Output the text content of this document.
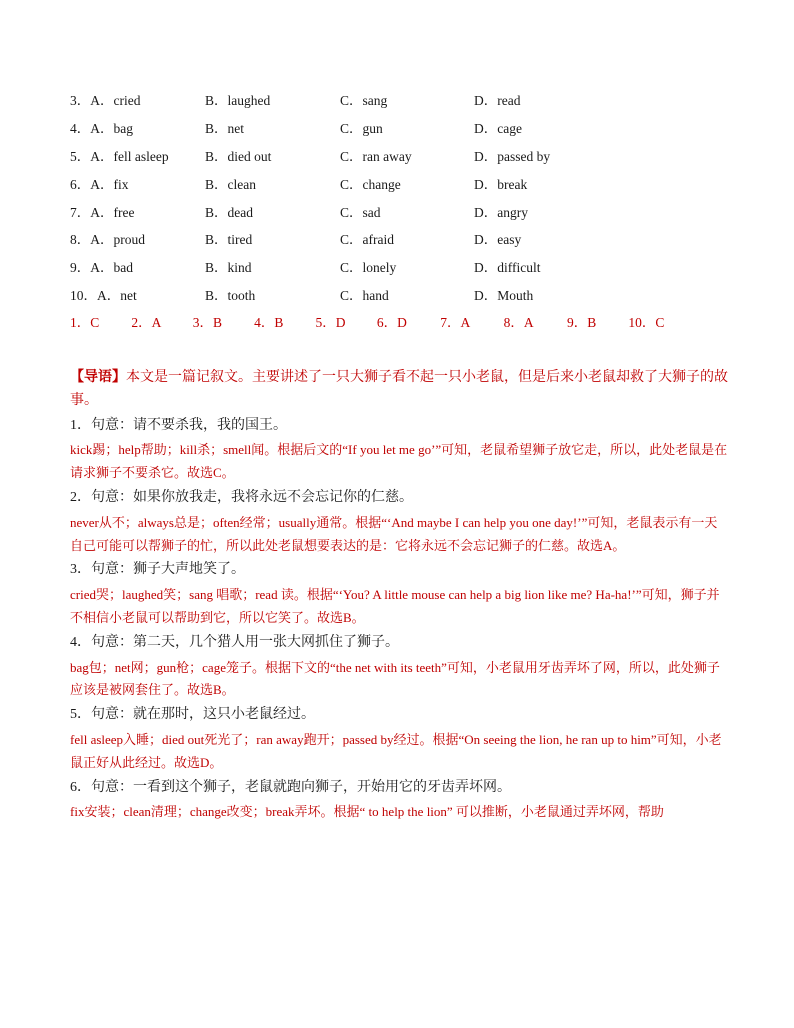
3．A．cried	B．laughed	C．sang	D．read
4．A．bag	B．net	C．gun	D．cage
5．A．fell asleep	B．died out	C．ran away	D．passed by
6．A．fix	B．clean	C．change	D．break
7．A．free	B．dead	C．sad	D．angry
8．A．proud	B．tired	C．afraid	D．easy
9．A．bad	B．kind	C．lonely	D．difficult
10．A．net	B．tooth	C．hand	D．Mouth
1．C 2．A 3．B 4．B 5．D 6．D 7．A 8．A 9．B 10．C

【导语】本文是一篇记叙文。主要讲述了一只大狮子看不起一只小老鼠，但是后来小老鼠却救了大狮子的故事。

1．句意：请不要杀我，我的国王。

kick踢；help帮助；kill杀；smell闻。根据后文的“If you let me go’”可知，老鼠希望狮子放它走，所以，此处老鼠是在请求狮子不要杀它。故选C。

2．句意：如果你放我走，我将永远不会忘记你的仁慈。

never从不；always总是；often经常；usually通常。根据“‘And maybe I can help you one day!’”可知，老鼠表示有一天自己可能可以帮狮子的忙，所以此处老鼠想要表达的是：它将永远不会忘记狮子的仁慈。故选A。

3．句意：狮子大声地笑了。

cried哭；laughed笑；sang 唱歌；read 读。根据“‘You? A little mouse can help a big lion like me? Ha-ha!’”可知，狮子并不相信小老鼠可以帮助到它，所以它笑了。故选B。

4．句意：第二天，几个猎人用一张大网抓住了狮子。

bag包；net网；gun枪；cage笼子。根据下文的“the net with its teeth”可知，小老鼠用牙齿弄坏了网，所以，此处狮子应该是被网套住了。故选B。

5．句意：就在那时，这只小老鼠经过。

fell asleep入睡；died out死光了；ran away跑开；passed by经过。根据“On seeing the lion, he ran up to him”可知，小老鼠正好从此经过。故选D。

6．句意：一看到这个狮子，老鼠就跑向狮子，开始用它的牙齿弄坏网。

fix安装；clean清理；change改变；break弄坏。根据“ to help the lion” 可以推断，小老鼠通过弄坏网，帮助
